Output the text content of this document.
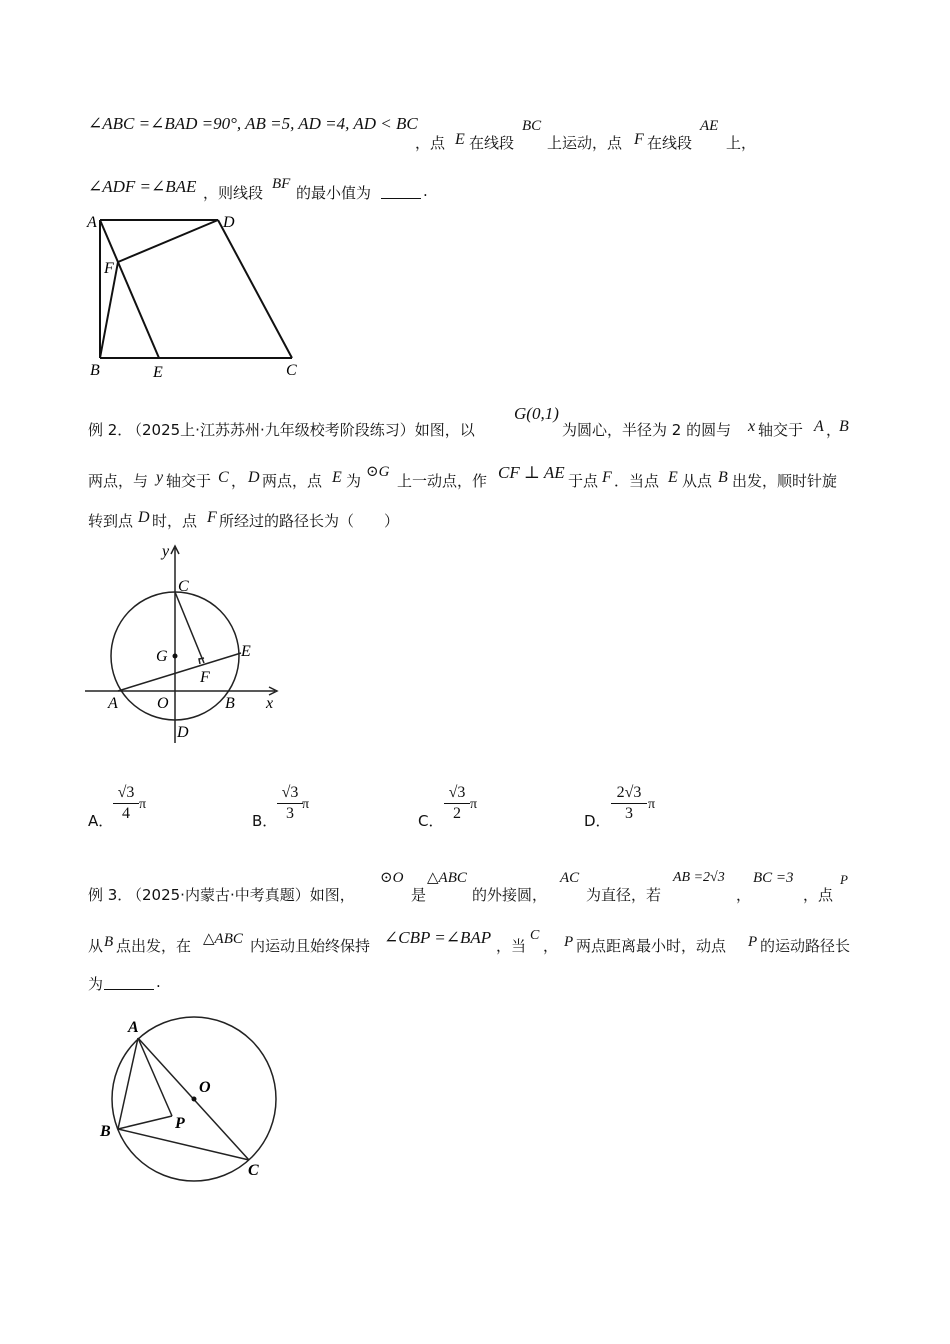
∠ABC =∠BAD =90°, AB =5, AD =4, AD < BC
，点 E 在线段
BC
上运动，点 F 在线段
AE
上，
∠ADF =∠BAE ，则线段 BF 的最小值为	.
A	D
F
B	E	C
例 2．
（2025上·江苏苏州·九年级校考阶段练习）如图，以
G(0,1)
为圆心，半径为 2 的圆与 x 轴交于 A ，
B
两点，与 y 轴交于 C ， D 两点，点 E 为 ⊙G 上一动点，作 CF ⊥ AE 于点 F ．当点 E 从点 B 出发，顺时针旋
转到点 D 时，点 F 所经过的路径长为（　　）
y
C
G	E
F
A O	B x
D
A．
√3
4
π
B．
√3
3
π
C．
√3
2
π
D．
2√3
3
π
例 3．
（2025·内蒙古·中考真题）如图，
⊙O
是
△ABC
的外接圆，
AC
为直径，若
AB =2√3
，
BC =3
，点
P
从 B 点出发，在 △ABC 内运动且始终保持 ∠CBP =∠BAP ，当
C
， P 两点距离最小时，动点 P 的运动路径长
为	.
A
O
B	P
C
